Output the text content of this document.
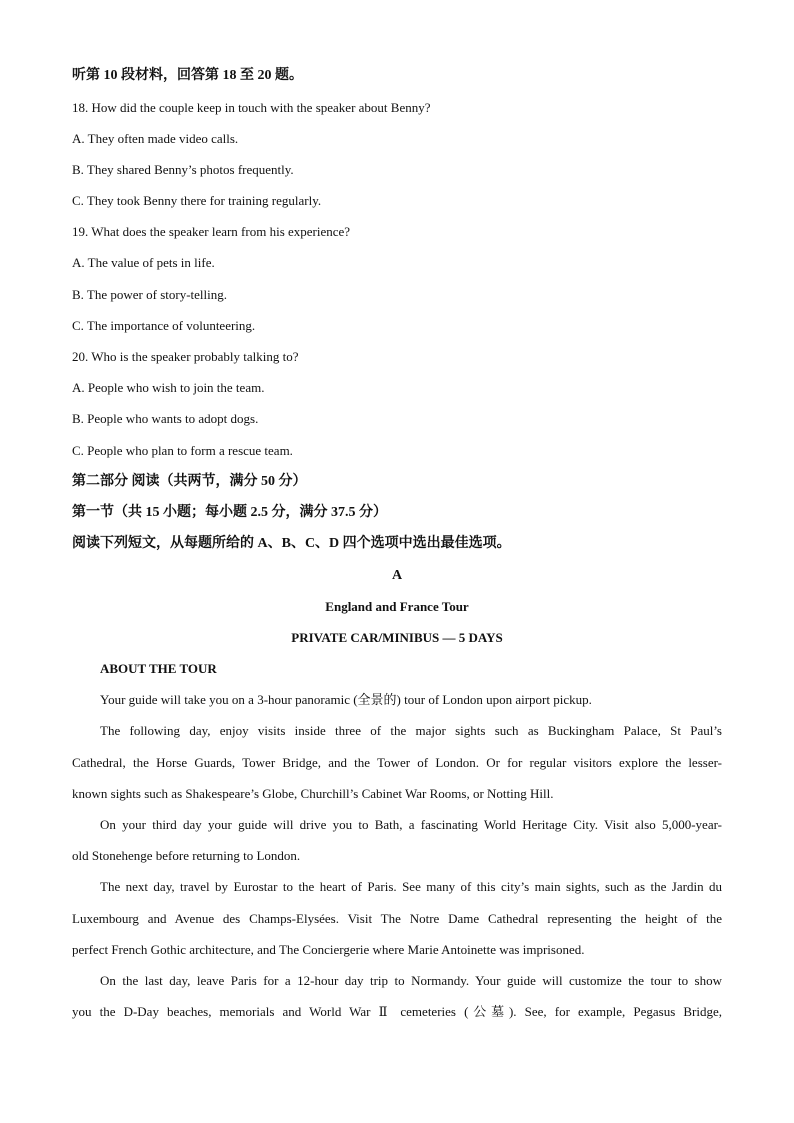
听第 10 段材料，回答第 18 至 20 题。
18. How did the couple keep in touch with the speaker about Benny?
A. They often made video calls.
B. They shared Benny’s photos frequently.
C. They took Benny there for training regularly.
19. What does the speaker learn from his experience?
A. The value of pets in life.
B. The power of story-telling.
C. The importance of volunteering.
20. Who is the speaker probably talking to?
A. People who wish to join the team.
B. People who wants to adopt dogs.
C. People who plan to form a rescue team.
第二部分 阅读（共两节，满分 50 分）
第一节（共 15 小题；每小题 2.5 分，满分 37.5 分）
阅读下列短文，从每题所给的 A、B、C、D 四个选项中选出最佳选项。
A
England and France Tour
PRIVATE CAR/MINIBUS — 5 DAYS
ABOUT THE TOUR
Your guide will take you on a 3-hour panoramic (全景的) tour of London upon airport pickup.
The following day, enjoy visits inside three of the major sights such as Buckingham Palace, St Paul’s
Cathedral, the Horse Guards, Tower Bridge, and the Tower of London. Or for regular visitors explore the lesser-
known sights such as Shakespeare’s Globe, Churchill’s Cabinet War Rooms, or Notting Hill.
On your third day your guide will drive you to Bath, a fascinating World Heritage City. Visit also 5,000-year-
old Stonehenge before returning to London.
The next day, travel by Eurostar to the heart of Paris. See many of this city’s main sights, such as the Jardin du
Luxembourg and Avenue des Champs-Elysées. Visit The Notre Dame Cathedral representing the height of the
perfect French Gothic architecture, and The Conciergerie where Marie Antoinette was imprisoned.
On the last day, leave Paris for a 12-hour day trip to Normandy. Your guide will customize the tour to show
you the D-Day beaches, memorials and World War Ⅱ cemeteries (公墓). See, for example, Pegasus Bridge,
